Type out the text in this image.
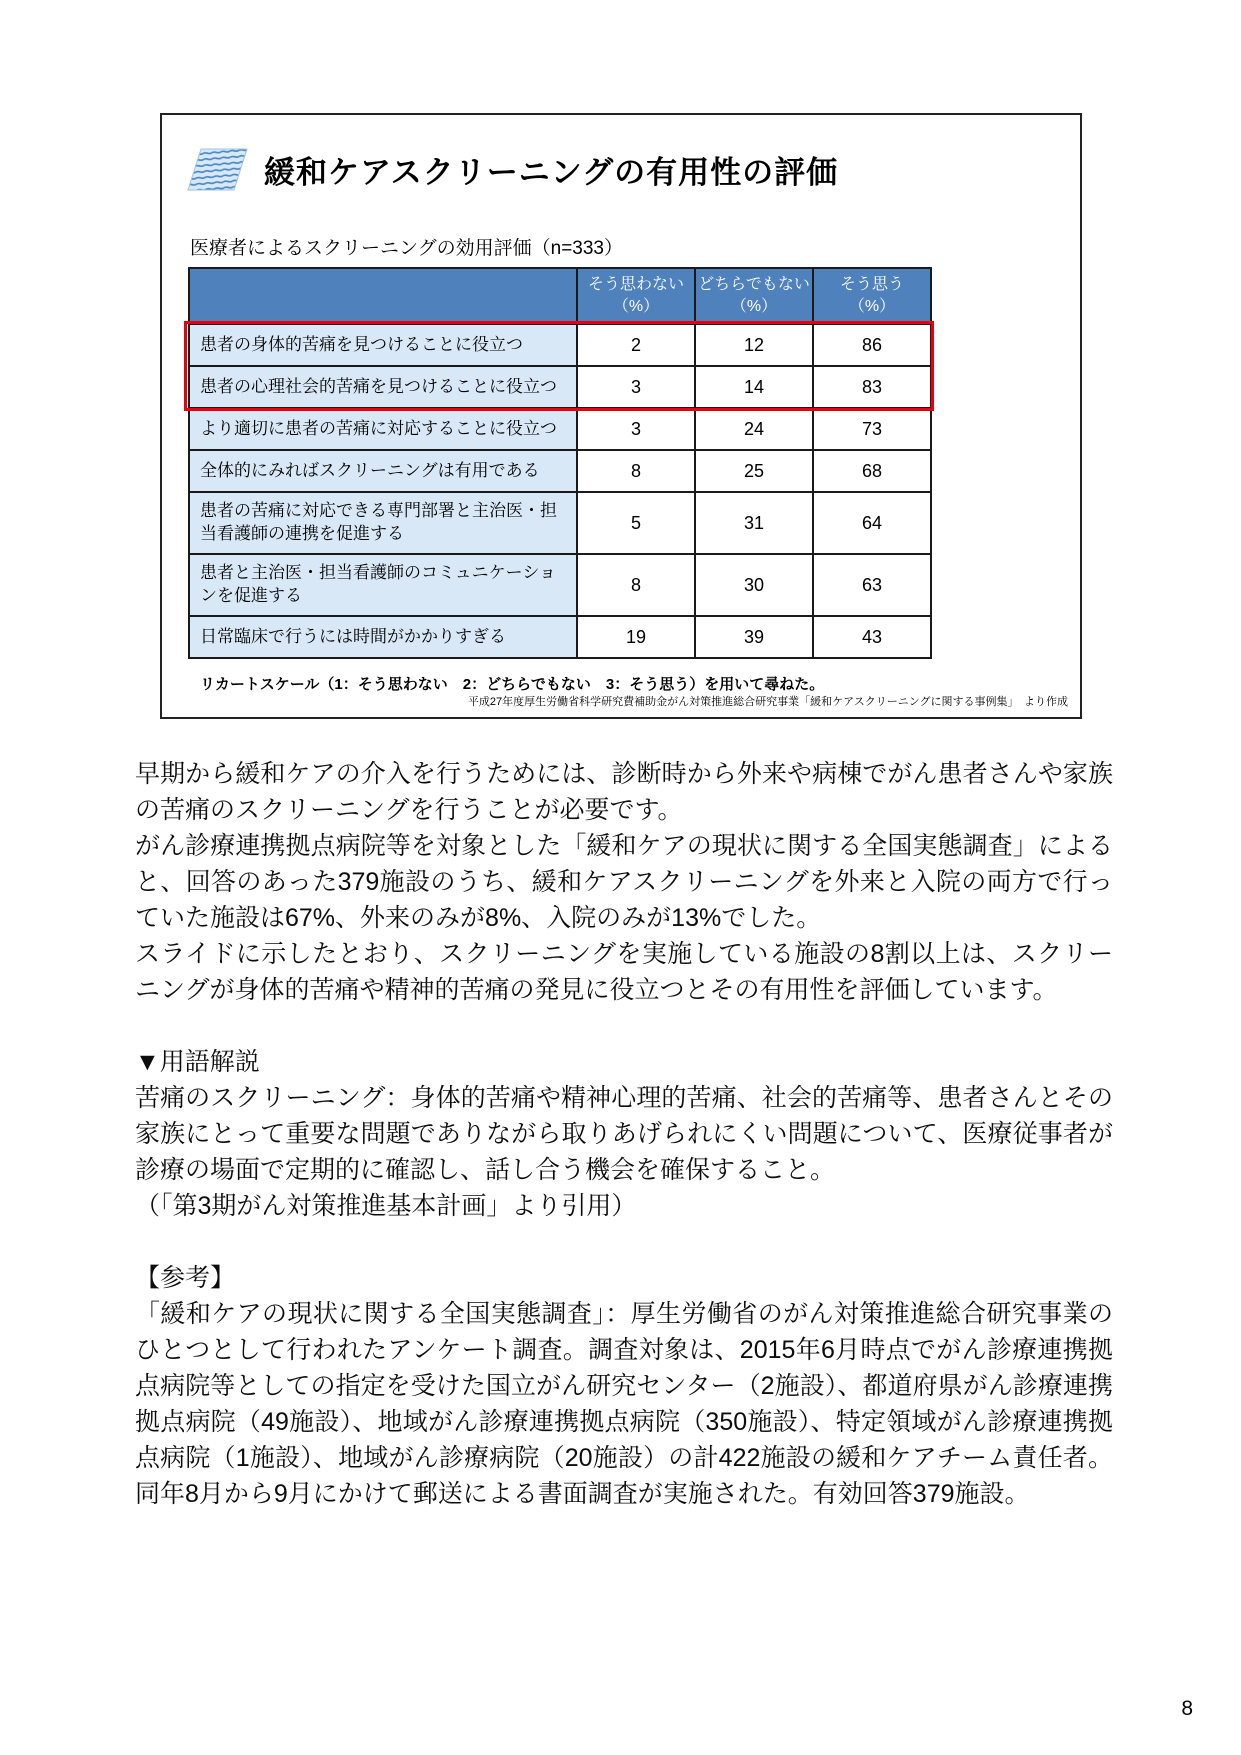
緩和ケアスクリーニングの有用性の評価
医療者によるスクリーニングの効用評価（n=333）

そう思わない
（%）

どちらでもない
（%）

そう思う
（%）

患者の身体的苦痛を見つけることに役立つ	2	12	86
患者の心理社会的苦痛を見つけることに役立つ	3	14	83
より適切に患者の苦痛に対応することに役立つ	3	24	73
全体的にみればスクリーニングは有用である	8	25	68
患者の苦痛に対応できる専門部署と主治医・担当看護師の連携を促進する	5	31	64
患者と主治医・担当看護師のコミュニケーションを促進する	8	30	63
日常臨床で行うには時間がかかりすぎる	19	39	43
リカートスケール（1：そう思わない　2：どちらでもない　3：そう思う）を用いて尋ねた。
平成27年度厚生労働省科学研究費補助金がん対策推進総合研究事業「緩和ケアスクリーニングに関する事例集」　より作成
早期から緩和ケアの介入を行うためには、診断時から外来や病棟でがん患者さんや家族の苦痛のスクリーニングを行うことが必要です。
がん診療連携拠点病院等を対象とした「緩和ケアの現状に関する全国実態調査」によると、回答のあった379施設のうち、緩和ケアスクリーニングを外来と入院の両方で行っていた施設は67%、外来のみが8%、入院のみが13%でした。
スライドに示したとおり、スクリーニングを実施している施設の8割以上は、スクリーニングが身体的苦痛や精神的苦痛の発見に役立つとその有用性を評価しています。
▼用語解説
苦痛のスクリーニング：身体的苦痛や精神心理的苦痛、社会的苦痛等、患者さんとその家族にとって重要な問題でありながら取りあげられにくい問題について、医療従事者が診療の場面で定期的に確認し、話し合う機会を確保すること。
（「第3期がん対策推進基本計画」より引用）
【参考】
「緩和ケアの現状に関する全国実態調査」：厚生労働省のがん対策推進総合研究事業のひとつとして行われたアンケート調査。調査対象は、2015年6月時点でがん診療連携拠点病院等としての指定を受けた国立がん研究センター（2施設）、都道府県がん診療連携拠点病院（49施設）、地域がん診療連携拠点病院（350施設）、特定領域がん診療連携拠点病院（1施設）、地域がん診療病院（20施設）の計422施設の緩和ケアチーム責任者。同年8月から9月にかけて郵送による書面調査が実施された。有効回答379施設。
8
